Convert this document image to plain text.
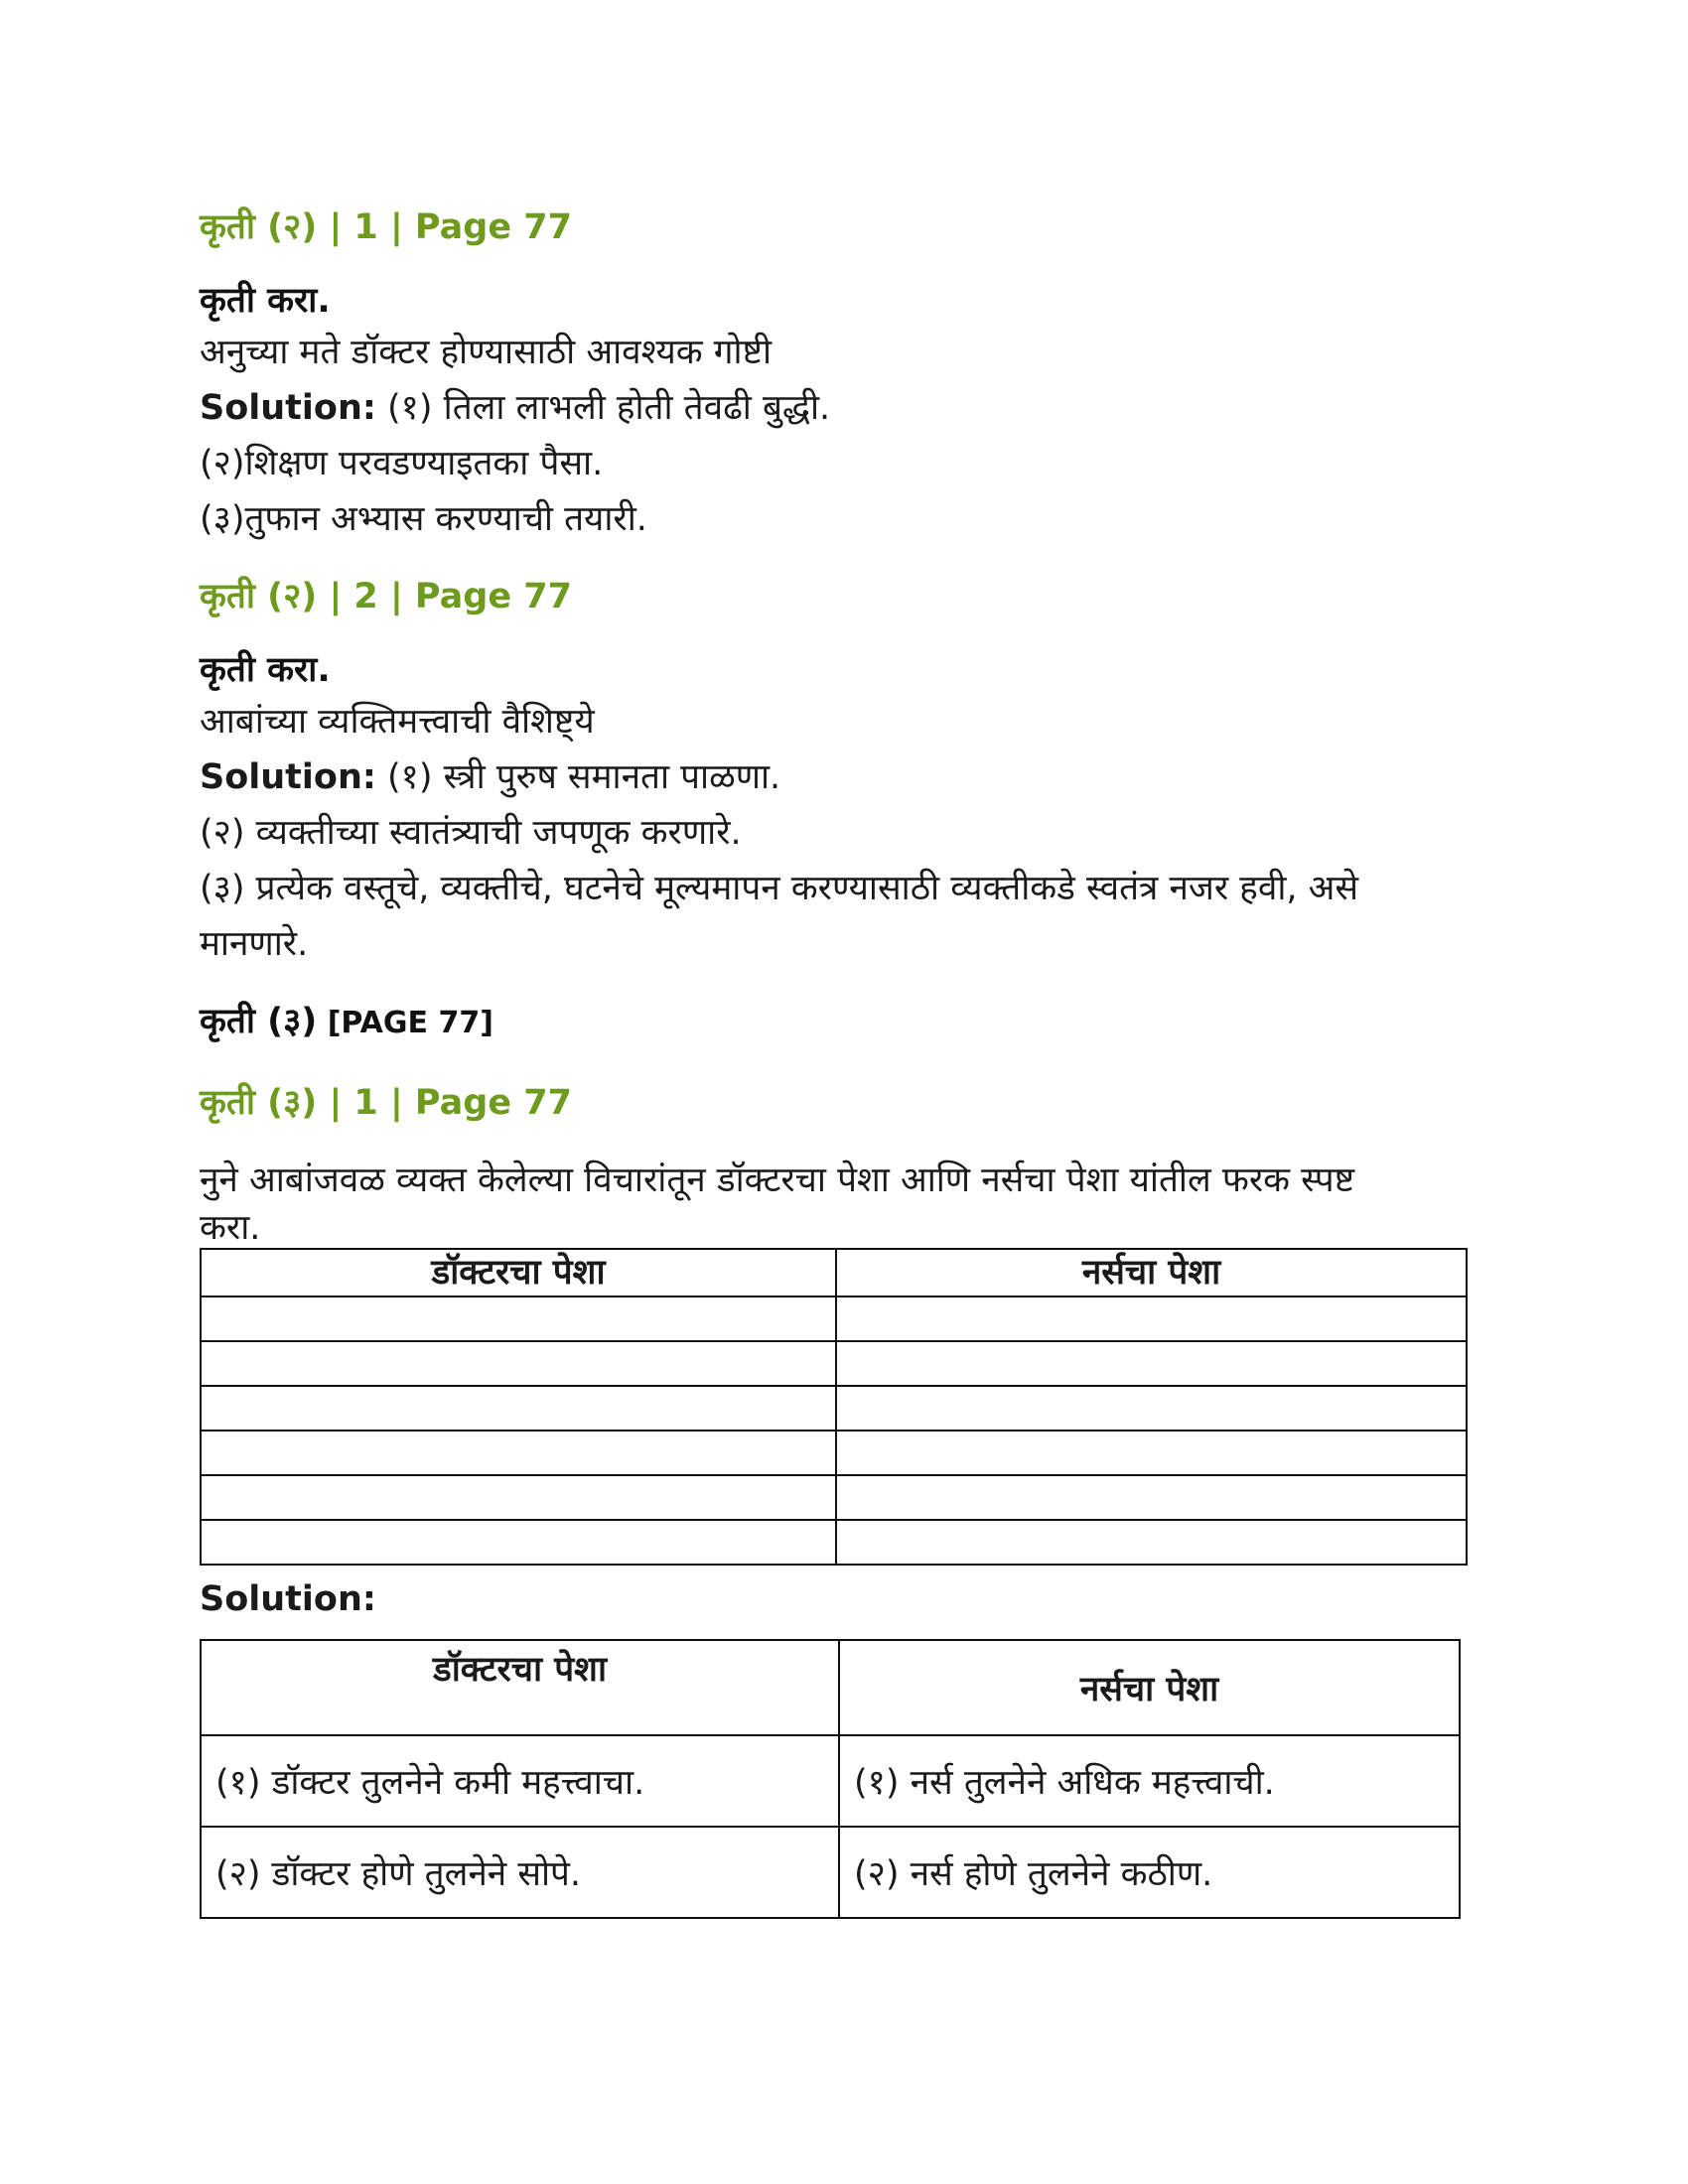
कृती (२) | 1 | Page 77

कृती करा.

अनुच्या मते डॉक्टर होण्यासाठी आवश्यक गोष्टी

Solution: (१) तिला लाभली होती तेवढी बुद्धी.

(२)शिक्षण परवडण्याइतका पैसा.

(३)तुफान अभ्यास करण्याची तयारी.

कृती (२) | 2 | Page 77

कृती करा.

आबांच्या व्यक्तिमत्त्वाची वैशिष्ट्ये

Solution: (१) स्त्री पुरुष समानता पाळणा.

(२) व्यक्तीच्या स्वातंत्र्याची जपणूक करणारे.

(३) प्रत्येक वस्तूचे, व्यक्तीचे, घटनेचे मूल्यमापन करण्यासाठी व्यक्तीकडे स्वतंत्र नजर हवी, असे

मानणारे.

कृती (३) [PAGE 77]

कृती (३) | 1 | Page 77

नुने आबांजवळ व्यक्त केलेल्या विचारांतून डॉक्टरचा पेशा आणि नर्सचा पेशा यांतील फरक स्पष्ट

करा.

डॉक्टरचा पेशा	नर्सचा पेशा

Solution:

डॉक्टरचा पेशा	नर्सचा पेशा
(१) डॉक्टर तुलनेने कमी महत्त्वाचा.	(१) नर्स तुलनेने अधिक महत्त्वाची.
(२) डॉक्टर होणे तुलनेने सोपे.	(२) नर्स होणे तुलनेने कठीण.
